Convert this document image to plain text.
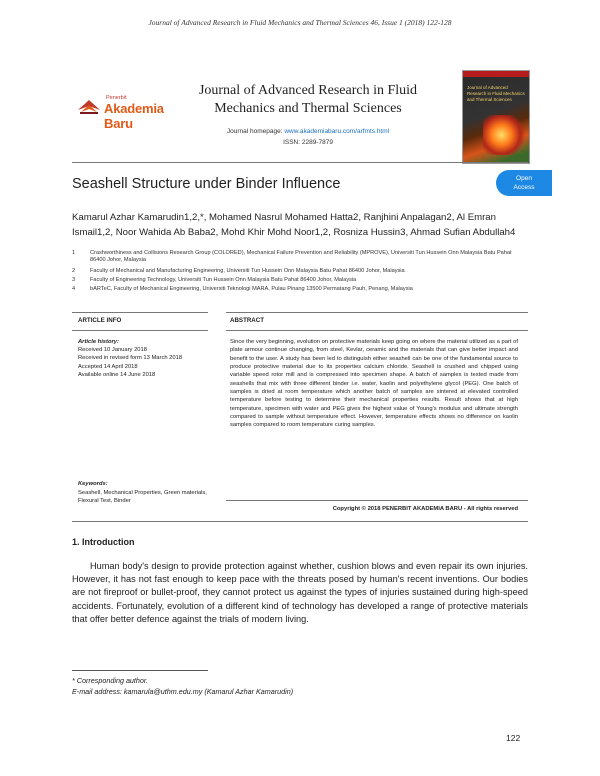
Journal of Advanced Research in Fluid Mechanics and Thermal Sciences 46, Issue 1 (2018) 122-128
Penerbit
Akademia Baru
Journal of Advanced Research in Fluid
Mechanics and Thermal Sciences
Journal homepage: www.akademiabaru.com/arfmts.html
ISSN: 2289-7879
Journal of Advanced Research in Fluid Mechanics and Thermal Sciences
Seashell Structure under Binder Influence	Open
Access
Kamarul Azhar Kamarudin1,2,*, Mohamed Nasrul Mohamed Hatta2, Ranjhini Anpalagan2, Al Emran
Ismail1,2, Noor Wahida Ab Baba2, Mohd Khir Mohd Noor1,2, Rosniza Hussin3, Ahmad Sufian Abdullah4
1	Crashworthiness and Collisions Research Group (COLORED), Mechanical Failure Prevention and Reliability (MPROVE), Universiti Tun Hussein Onn Malaysia Batu Pahat 86400 Johor, Malaysia
2	Faculty of Mechanical and Manufacturing Engineering, Universiti Tun Hussein Onn Malaysia Batu Pahat 86400 Johor, Malaysia
3	Faculty of Engineering Technology, Universiti Tun Hussein Onn Malaysia Batu Pahat 86400 Johor, Malaysia
4	bARTeC, Faculty of Mechanical Engineering, Universiti Teknologi MARA, Pulau Pinang 13500 Permatang Pauh, Penang, Malaysia
ARTICLE INFO	ABSTRACT
Article history:
Received 10 January 2018
Received in revised form 13 March 2018
Accepted 14 April 2018
Available online 14 June 2018
Keywords:
Seashell, Mechanical Properties, Green materials, Flexural Test, Binder
Since the very beginning, evolution on protective materials keep going on where the material utilized as a part of plate armour continue changing, from steel, Kevlar, ceramic and the materials that can give better impact and benefit to the user. A study has been led to distinguish either seashell can be one of the fundamental source to produce protective material due to its properties calcium chloride. Seashell is crushed and chipped using variable speed rotor mill and is compressed into specimen shape. A batch of samples is tested made from seashells that mix with three different binder i.e. water, kaolin and polyethylene glycol (PEG). One batch of samples is dried at room temperature which another batch of samples are sintered at elevated controlled temperature before testing to determine their mechanical properties results. Result shows that at high temperature, specimen with water and PEG gives the highest value of Young's modulus and ultimate strength compared to sample without temperature effect. However, temperature effects shows no difference on kaolin samples compared to room temperature curing samples.
Copyright © 2018 PENERBIT AKADEMIA BARU - All rights reserved
1. Introduction
Human body's design to provide protection against whether, cushion blows and even repair its own injuries. However, it has not fast enough to keep pace with the threats posed by human's recent inventions. Our bodies are not fireproof or bullet-proof, they cannot protect us against the types of injuries sustained during high-speed accidents. Fortunately, evolution of a different kind of technology has developed a range of protective materials that offer better defence against the trials of modern living.
* Corresponding author.
E-mail address: kamarula@uthm.edu.my (Kamarul Azhar Kamarudin)
122
